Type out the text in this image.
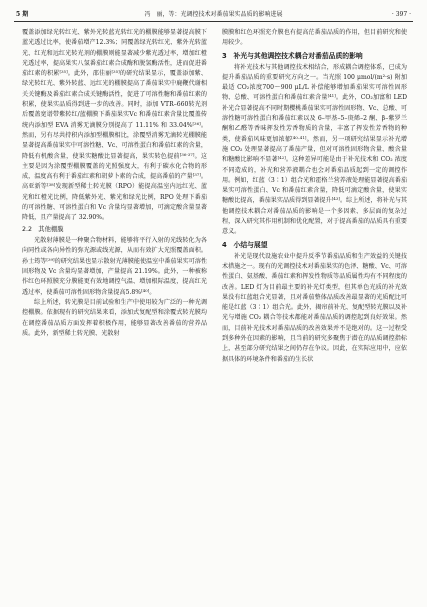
5 期	冯　丽，等：光调控技术对番茄果实品质的影响进展	· 397 ·

覆盖添加绿光转红光、紫外光转蓝光转红光的棚膜能够显著提高膜下蓝光透过比率，使番茄增产12.3%；同覆盖绿光转红光、紫外光转蓝光、红光和远红光转光剂的棚膜则能显著减少紫光透过率，增加红橙光透过率，提高果实八氢番茄红素合成酶和脱氢酶活性，进而促进番茄红素的积累[35]。此外，邵佳丽[35]的研究结果显示，覆盖添加紫、绿光转红光、紫外转蓝、远红光的棚膜提高了番茄果实中鹿鞭代谢相关关键酶及番茄红素合成关键酶活性，促进了可溶性糖和番茄红素的积累，使果实品质得到进一步的改善。同时，添加 VTR–660转光剂后覆盖宽谱带紫转红/蓝棚膜下番茄果实Vc 和番茄红素含量比覆盖传统内添加型 EVA 消雾无滴膜分别提高了 11.11% 和 33.04%[36]。然而，另有尽共持积内添加型棚膜相比，涂覆型消雾无滴转光棚膜能显著提高番茄果实中可溶性糖、Vc、可溶性蛋白和番茄红素的含量，降低有机酸含量，使果实糖酸比显著提高，果实转色提前[36-37]。这主要是因为涂覆型棚膜覆盖的光照强度大，有利于碳水化合物的形成，温度高有利于番茄红素和胡萝卜素的合成，提高番茄的产量[37]。高亚新等[38]发现新型稀土转光膜（RPO）能提高温室内远红光、蓝光和红橙光比例，降低紫外光、紫光和绿光比例，RPO 处理下番茄的可溶性糖、可溶性蛋白和 Vc 含量均显著增加，可滴定酸含量显著降低，且产量提高了 32.90%。

2.2　其他棚膜

光散射薄膜是一种聚合物材料，能够将平行入射的光线转化为各向同性或各向异性的弥光源或线光源，从而有效扩大光照覆盖面积。孙士筠等[39]的研究结果也显示散射光薄膜能使温室中番茄果实可溶性固形物及 Vc 含量均显著增加，产量提高 21.19%。此外，一种被称作红色环照膜充分膜能更有效地调控气温、增加根际温度，提高红光透过率，使番茄可溶性固形物含量提高5.8%[40]。

综上所述，转光膜是目前试验和生产中使用较为广泛的一种光调控棚膜。依据现有的研究结果来看，添加式复配型和涂覆式转光膜均在调控番茄品质方面发挥着积极作用，能够显著改善番茄的营养品质。此外，新型稀土转光膜、光散射

膜膜和红色环照充介膜也有提高茫番茄品质的作用，但目前研究和使用较少。

3　补光与其他调控技术耦合对番茄品质的影响

将补光技术与其他调控技术相结合，形成耦合调控体系，已成为提升番茄品质的重要研究方向之一。当光照 100 μmol/(m²·s) 附加最适 CO₂浓度700～900 μL/L 补偿能够增加番茄果实可溶性固形物、总酸、可溶性蛋白和番茄红素含量[41]。此外，CO₂加富和 LED 补光合显著提高不同时期樱桃番茄果实可溶性固形物、Vc、总酸、可溶性糖可溶性蛋白和番茄红素以及 6–甲基–5–庚烯–2 酮、β–紫罗兰酮和乙醛等香味挥发性芳香物质的含量，丰富了挥发性芳香物的种类，使番茄风味更加浓郁[40–41]。然而，另一项研究结果显示补光增施 CO₂ 处理显著提高了番茄产量，但对可溶性固形物含量、酸含量和糖酸比影响不显著[42]。这种差异可能是由于补光技术和 CO₂ 浓度不同造成的，补光和营养液耦合也会对番茄品质起到一定的调控作用。例如，红蓝（3∶1）组合光和霍格兰营养液处理能显著提高番茄果实可溶性蛋白、Vc 和番茄红素含量，降低可滴定酸含量，使果实糖酸比提高，番茄果实品质得到显著提升[43]。综上所述，将补光与其他调控技术耦合对番茄品质的影响是一个多因素、多层面的复杂过程，深入研究其作用机制和优化配置，对于提高番茄的品质具有重要意义。

4　小结与展望

补光是现代设施农业中提升反季节番茄品质和生产效益的关键技术措施之一。现有的光调控技术对番茄果实的色泽、糖酸、Vc、可溶性蛋白、氨基酸、番茄红素和挥发性物质等品质属性均有不同程度的改善。LED 灯为目前最主要的补光灯类型，但其单色光质的补光效果没有红蓝组合光显著，且对番茄整体品质改善最显著的光质配比可能是红蓝（3∶1）组合光。此外，揭帘前补光、复配型转光膜以及补光与增施 CO₂ 耦合等技术都能对番茄品质的调控起到良好效果。然而，目前补光技术对番茄品质的改善效果并不是绝对的。这一过程受到多种外在因素的影响，且当前的研究多聚焦于潜在的品质调控指标上，甚至部分研究结果之间仍存在争议。因此，在实际应用中，应依据具体的环境条件和番茄的生长状
